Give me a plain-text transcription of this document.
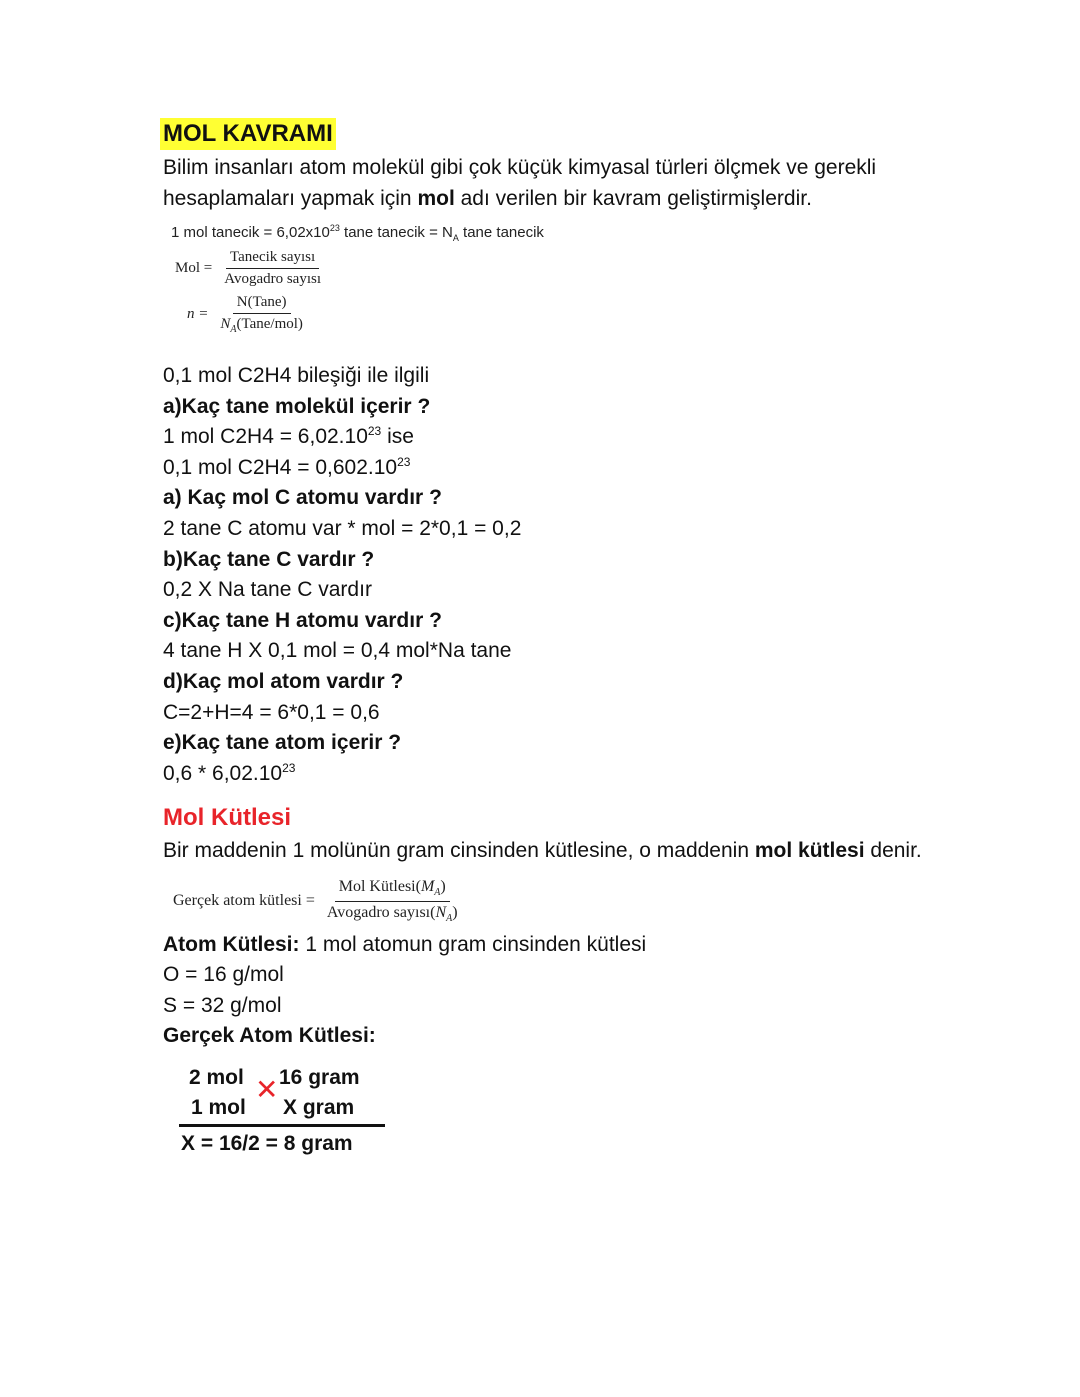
MOL KAVRAMI

Bilim insanları atom molekül gibi çok küçük kimyasal türleri ölçmek ve gerekli hesaplamaları yapmak için mol adı verilen bir kavram geliştirmişlerdir.

1 mol tanecik = $6,02x10^{23}$ tane tanecik = $N_A$ tane tanecik
Mol = $\frac{\text{Tanecik sayısı}}{\text{Avogadro sayısı}}$
$n = \frac{\text{N(Tane)}}{N_A(Tane/mol)}$

0,1 mol C2H4 bileşiği ile ilgili

a)Kaç tane molekül içerir ?

1 mol $C2H4 = 6,02.10^{23}$ ise

0,1 mol $C2H4 = 0,602.10^{23}$

a) Kaç mol C atomu vardır ?

2 tane C atomu var * mol = 2*0,1 = 0,2

b)Kaç tane C vardır ?

0,2 X Na tane C vardır

c)Kaç tane H atomu vardır ?

4 tane H X 0,1 mol = 0,4 mol*Na tane

d)Kaç mol atom vardır ?

C=2+H=4 = 6*0,1 = 0,6

e)Kaç tane atom içerir ?

0,6 * 6,02.10$^{23}$

Mol Kütlesi

Bir maddenin 1 molünün gram cinsinden kütlesine, o maddenin mol kütlesi denir.

Gerçek atom kütlesi = $\frac{Mol Kütlesi(M_A)}{Avogadro sayısı(N_A)}$

Atom Kütlesi: 1 mol atomun gram cinsinden kütlesi

O = 16 g/mol

S = 32 g/mol

Gerçek Atom Kütlesi:

2 mol 16 gram
✕
1 mol X gram
X = 16/2 = 8 gram
